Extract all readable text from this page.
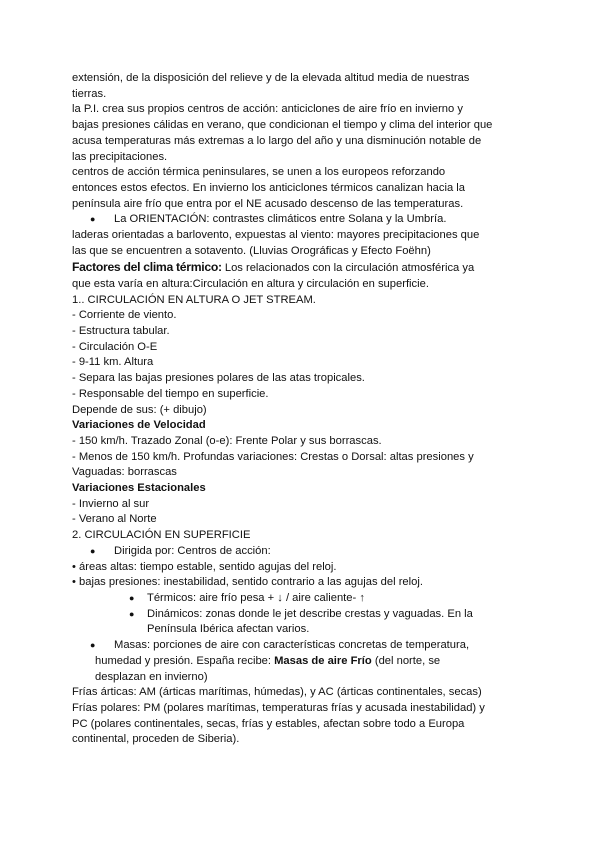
extensión, de la disposición del relieve y de la elevada altitud media de nuestras
tierras.
la P.I. crea sus propios centros de acción: anticiclones de aire frío en invierno y
bajas presiones cálidas en verano, que condicionan el tiempo y clima del interior que
acusa temperaturas más extremas a lo largo del año y una disminución notable de
las precipitaciones.
centros de acción térmica peninsulares, se unen a los europeos reforzando
entonces estos efectos. En invierno los anticiclones térmicos canalizan hacia la
península aire frío que entra por el NE acusado descenso de las temperaturas.
●	La ORIENTACIÓN: contrastes climáticos entre Solana y la Umbría.
laderas orientadas a barlovento, expuestas al viento: mayores precipitaciones que
las que se encuentren a sotavento. (Lluvias Orográficas y Efecto Foëhn)
Factores del clima térmico: Los relacionados con la circulación atmosférica ya
que esta varía en altura:Circulación en altura y circulación en superficie.
1.. CIRCULACIÓN EN ALTURA O JET STREAM.
- Corriente de viento.
- Estructura tabular.
- Circulación O-E
- 9-11 km. Altura
- Separa las bajas presiones polares de las atas tropicales.
- Responsable del tiempo en superficie.
Depende de sus: (+ dibujo)
Variaciones de Velocidad
- 150 km/h. Trazado Zonal (o-e): Frente Polar y sus borrascas.
- Menos de 150 km/h. Profundas variaciones: Crestas o Dorsal: altas presiones y
Vaguadas: borrascas
Variaciones Estacionales
- Invierno al sur
- Verano al Norte
2. CIRCULACIÓN EN SUPERFICIE
●	Dirigida por: Centros de acción:
• áreas altas: tiempo estable, sentido agujas del reloj.
• bajas presiones: inestabilidad, sentido contrario a las agujas del reloj.
●	Térmicos: aire frío pesa + ↓ / aire caliente- ↑
●	Dinámicos: zonas donde le jet describe crestas y vaguadas. En la
Península Ibérica afectan varios.
●	Masas: porciones de aire con características concretas de temperatura,
humedad y presión. España recibe: Masas de aire Frío (del norte, se
desplazan en invierno)
Frías árticas: AM (árticas marítimas, húmedas), y AC (árticas continentales, secas)
Frías polares: PM (polares marítimas, temperaturas frías y acusada inestabilidad) y
PC (polares continentales, secas, frías y estables, afectan sobre todo a Europa
continental, proceden de Siberia).
